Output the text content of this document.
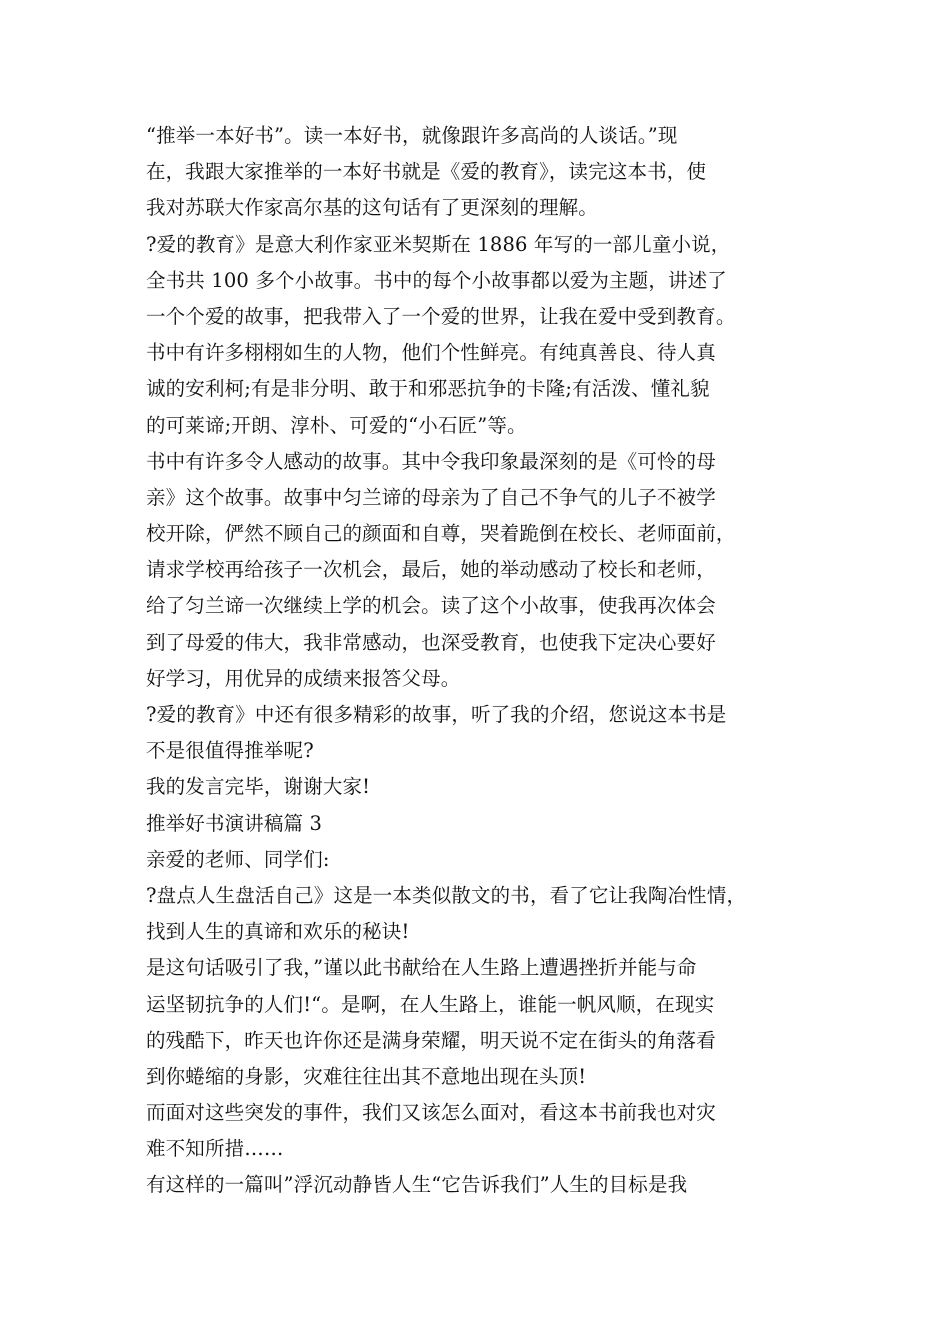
“推举一本好书”。读一本好书，就像跟许多高尚的人谈话。”现
在，我跟大家推举的一本好书就是《爱的教育》，读完这本书，使
我对苏联大作家高尔基的这句话有了更深刻的理解。
?爱的教育》是意大利作家亚米契斯在 1886 年写的一部儿童小说，
全书共 100 多个小故事。书中的每个小故事都以爱为主题，讲述了
一个个爱的故事，把我带入了一个爱的世界，让我在爱中受到教育。
书中有许多栩栩如生的人物，他们个性鲜亮。有纯真善良、待人真
诚的安利柯;有是非分明、敢于和邪恶抗争的卡隆;有活泼、懂礼貌
的可莱谛;开朗、淳朴、可爱的“小石匠”等。
书中有许多令人感动的故事。其中令我印象最深刻的是《可怜的母
亲》这个故事。故事中匀兰谛的母亲为了自己不争气的儿子不被学
校开除，俨然不顾自己的颜面和自尊，哭着跪倒在校长、老师面前，
请求学校再给孩子一次机会，最后，她的举动感动了校长和老师，
给了匀兰谛一次继续上学的机会。读了这个小故事，使我再次体会
到了母爱的伟大，我非常感动，也深受教育，也使我下定决心要好
好学习，用优异的成绩来报答父母。
?爱的教育》中还有很多精彩的故事，听了我的介绍，您说这本书是
不是很值得推举呢?
我的发言完毕，谢谢大家!
推举好书演讲稿篇 3
亲爱的老师、同学们:
?盘点人生盘活自己》这是一本类似散文的书，看了它让我陶冶性情，
找到人生的真谛和欢乐的秘诀!
是这句话吸引了我，”谨以此书献给在人生路上遭遇挫折并能与命
运坚韧抗争的人们!“。是啊，在人生路上，谁能一帆风顺，在现实
的残酷下，昨天也许你还是满身荣耀，明天说不定在街头的角落看
到你蜷缩的身影，灾难往往出其不意地出现在头顶!
而面对这些突发的事件，我们又该怎么面对，看这本书前我也对灾
难不知所措……
有这样的一篇叫”浮沉动静皆人生“它告诉我们”人生的目标是我
